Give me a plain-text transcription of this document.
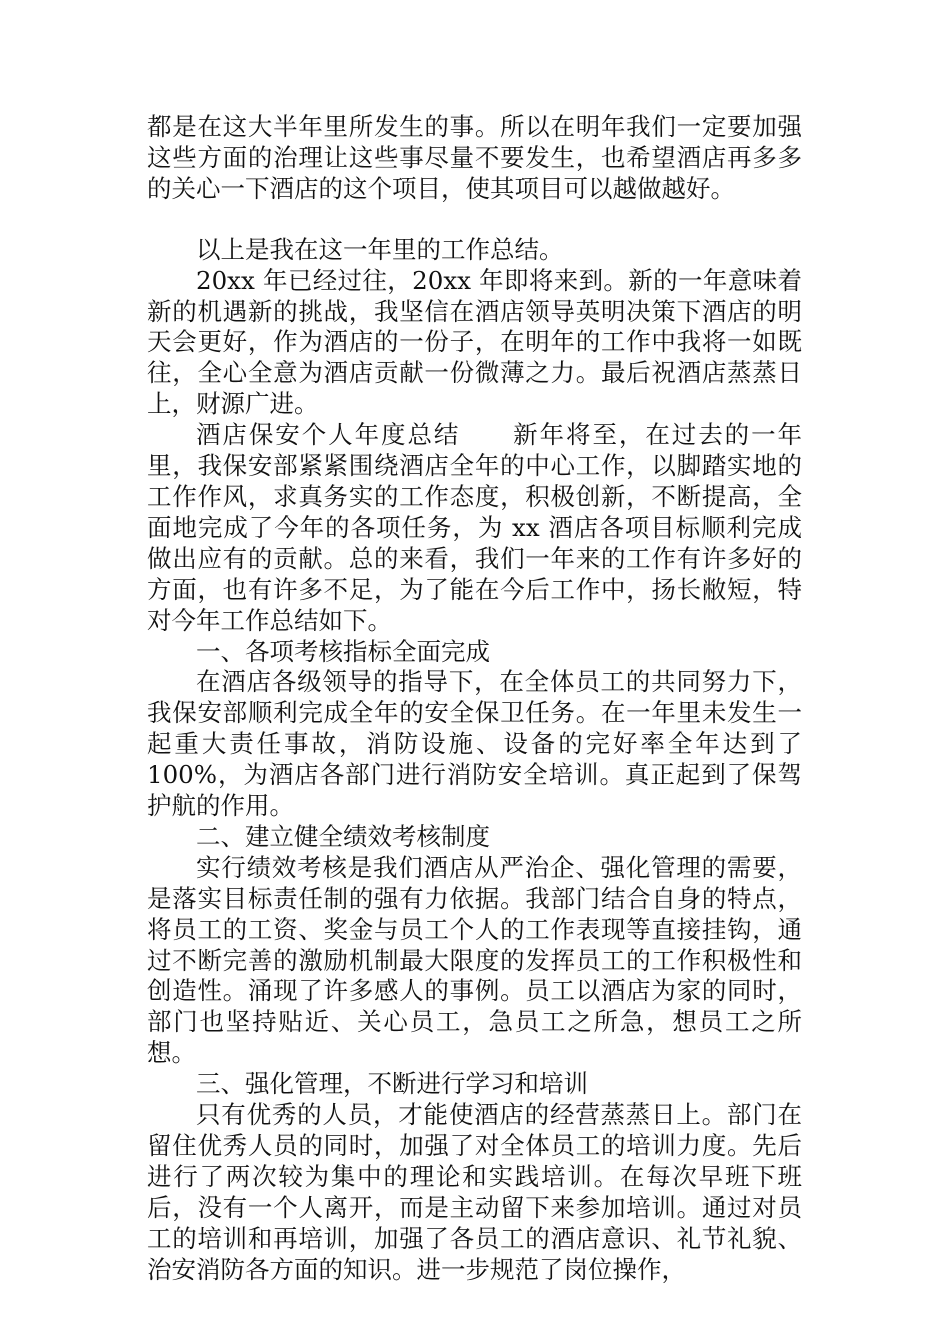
都是在这大半年里所发生的事。所以在明年我们一定要加强这些方面的治理让这些事尽量不要发生，也希望酒店再多多的关心一下酒店的这个项目，使其项目可以越做越好。

以上是我在这一年里的工作总结。

20xx 年已经过往，20xx 年即将来到。新的一年意味着新的机遇新的挑战，我坚信在酒店领导英明决策下酒店的明天会更好，作为酒店的一份子，在明年的工作中我将一如既往，全心全意为酒店贡献一份微薄之力。最后祝酒店蒸蒸日上，财源广进。

酒店保安个人年度总结　　新年将至，在过去的一年里，我保安部紧紧围绕酒店全年的中心工作，以脚踏实地的工作作风，求真务实的工作态度，积极创新，不断提高，全面地完成了今年的各项任务，为 xx 酒店各项目标顺利完成做出应有的贡献。总的来看，我们一年来的工作有许多好的方面，也有许多不足，为了能在今后工作中，扬长敝短，特对今年工作总结如下。

一、各项考核指标全面完成

在酒店各级领导的指导下，在全体员工的共同努力下，我保安部顺利完成全年的安全保卫任务。在一年里未发生一起重大责任事故，消防设施、设备的完好率全年达到了 100%，为酒店各部门进行消防安全培训。真正起到了保驾护航的作用。

二、建立健全绩效考核制度

实行绩效考核是我们酒店从严治企、强化管理的需要，是落实目标责任制的强有力依据。我部门结合自身的特点，将员工的工资、奖金与员工个人的工作表现等直接挂钩，通过不断完善的激励机制最大限度的发挥员工的工作积极性和创造性。涌现了许多感人的事例。员工以酒店为家的同时，部门也坚持贴近、关心员工，急员工之所急，想员工之所想。

三、强化管理，不断进行学习和培训

只有优秀的人员，才能使酒店的经营蒸蒸日上。部门在留住优秀人员的同时，加强了对全体员工的培训力度。先后进行了两次较为集中的理论和实践培训。在每次早班下班后，没有一个人离开，而是主动留下来参加培训。通过对员工的培训和再培训，加强了各员工的酒店意识、礼节礼貌、治安消防各方面的知识。进一步规范了岗位操作，
